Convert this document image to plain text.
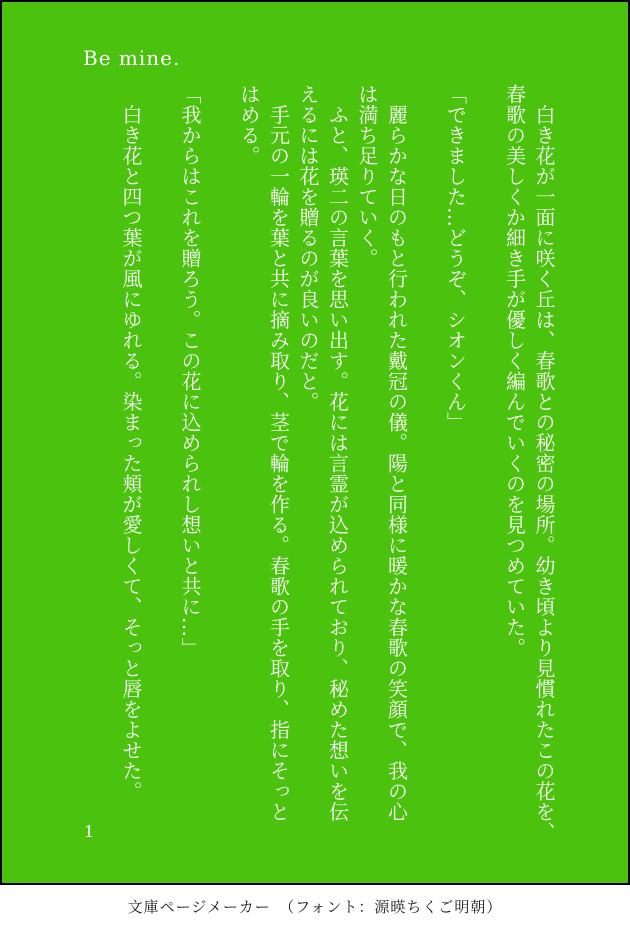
Be mine.
　白き花が一面に咲く丘は、春歌との秘密の場所。幼き頃より見慣れたこの花を、
春歌の美しくか細き手が優しく編んでいくのを見つめていた。

「できました…どうぞ、シオンくん」

　麗らかな日のもと行われた戴冠の儀。陽と同様に暖かな春歌の笑顔で、我の心
は満ち足りていく。
　ふと、瑛二の言葉を思い出す。花には言霊が込められており、秘めた想いを伝
えるには花を贈るのが良いのだと。
　手元の一輪を葉と共に摘み取り、茎で輪を作る。春歌の手を取り、指にそっと
はめる。

「我からはこれを贈ろう。この花に込められし想いと共に…」

　白き花と四つ葉が風にゆれる。染まった頬が愛しくて、そっと唇をよせた。
1
文庫ページメーカー　（フォント：源暎ちくご明朝）
